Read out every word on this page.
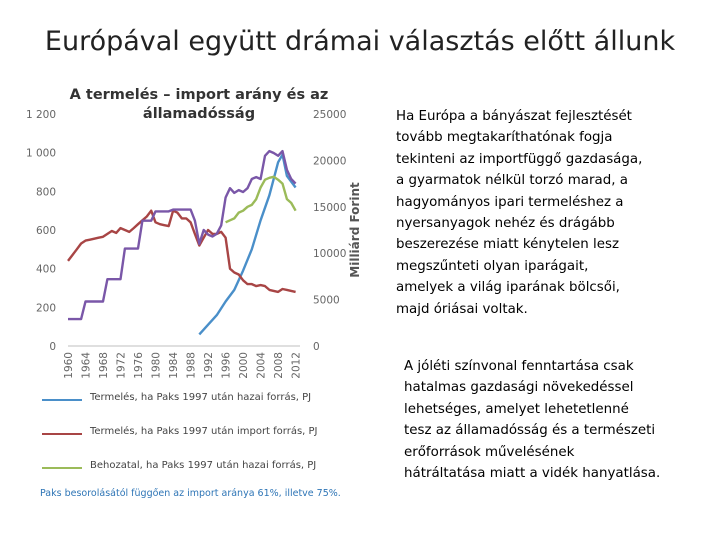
Európával együtt drámai választás előtt állunk
0
200
400
600
800
1 000
1 200
0
5000
10000
15000
20000
25000
Milliárd Forint
1960 1964 1968 1972 1976 1980 1984 1988 1992 1996 2000 2004 2008 2012
A termelés – import arány és az
államadósság
Termelés, ha Paks 1997 után hazai forrás, PJ
Termelés, ha Paks 1997 után import forrás, PJ
Behozatal, ha Paks 1997 után hazai forrás, PJ
Paks besorolásától függően az import aránya 61%, illetve 75%.
Ha Európa a bányászat fejlesztését
tovább megtakaríthatónak fogja
tekinteni az importfüggő gazdasága,
a gyarmatok nélkül torzó marad, a
hagyományos ipari termeléshez a
nyersanyagok nehéz és drágább
beszerezése miatt kénytelen lesz
megszűnteti olyan iparágait,
amelyek a világ iparának bölcsői,
majd óriásai voltak.
A jóléti színvonal fenntartása csak
hatalmas gazdasági növekedéssel
lehetséges, amelyet lehetetlenné
tesz az államadósság és a természeti
erőforrások művelésének
hátráltatása miatt a vidék hanyatlása.
